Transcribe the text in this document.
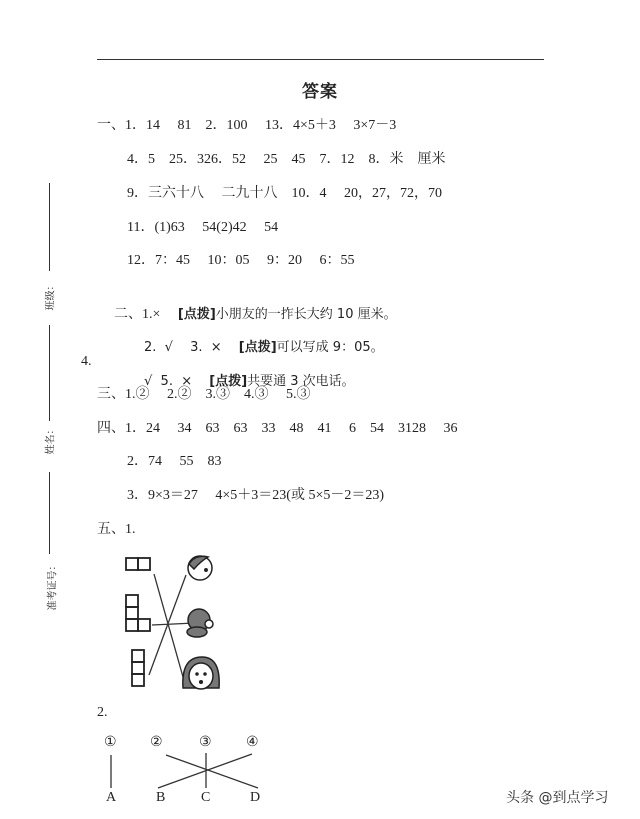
答案
班级：
姓名：
准考证号：
一、1．14　 81　2．100　 13．4×5＋3　 3×7－3
4．5　25．326．52　 25　45　7．12　8．米　厘米
9．三六十八　 二九十八　10．4　 20，27，72，70
11．(1)63　 54(2)42　 54
12．7：45　 10：05　 9：20　 6：55

二、1.×　 [点拨]小朋友的一拃长大约 10 厘米。

2.  √　 3.  ×　 [点拨]可以写成 9：05。

4.

√  5.  ×　 [点拨]共要通 3 次电话。

三、1.②　 2.②　3.③　4.③　 5.③
四、1．24　 34　63　63　33　48　41　 6　54　3128　 36
2．74　 55　83
3．9×3＝27　 4×5＋3＝23(或 5×5－2＝23)
五、1.
2.
① ②	③ ④
A	B	C	D	头条 @到点学习
